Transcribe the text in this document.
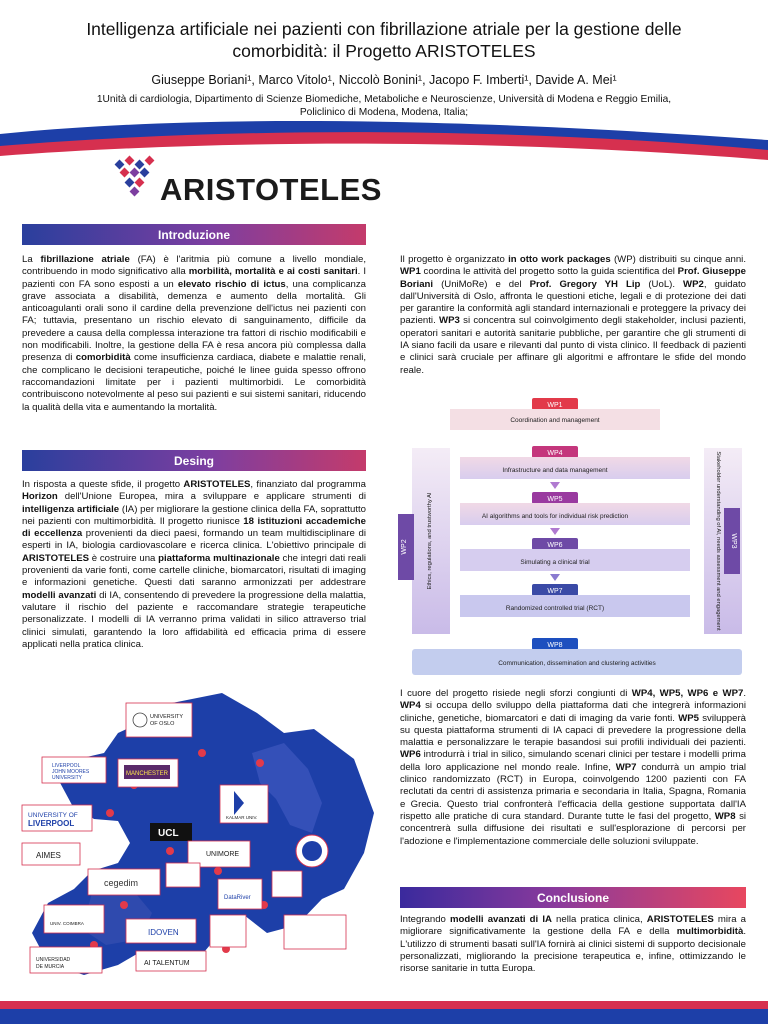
Intelligenza artificiale nei pazienti con fibrillazione atriale per la gestione delle
comorbidità: il Progetto ARISTOTELES
Giuseppe Boriani¹, Marco Vitolo¹, Niccolò Bonini¹, Jacopo F. Imberti¹, Davide A. Mei¹
1Unità di cardiologia, Dipartimento di Scienze Biomediche, Metaboliche e Neuroscienze, Università di Modena e Reggio Emilia,
Policlinico di Modena, Modena, Italia;
ARISTOTELES
Introduzione
La fibrillazione atriale (FA) è l'aritmia più comune a livello mondiale, contribuendo in modo significativo alla morbilità, mortalità e ai costi sanitari. I pazienti con FA sono esposti a un elevato rischio di ictus, una complicanza grave associata a disabilità, demenza e aumento della mortalità. Gli anticoagulanti orali sono il cardine della prevenzione dell'ictus nei pazienti con FA; tuttavia, presentano un rischio elevato di sanguinamento, difficile da prevedere a causa della complessa interazione tra fattori di rischio modificabili e non modificabili. Inoltre, la gestione della FA è resa ancora più complessa dalla presenza di comorbidità come insufficienza cardiaca, diabete e malattie renali, che complicano le decisioni terapeutiche, poiché le linee guida spesso offrono raccomandazioni limitate per i pazienti multimorbidi. Le comorbidità contribuiscono notevolmente al peso sui pazienti e sui sistemi sanitari, riducendo la qualità della vita e aumentando la mortalità.
Desing
In risposta a queste sfide, il progetto ARISTOTELES, finanziato dal programma Horizon dell'Unione Europea, mira a sviluppare e applicare strumenti di intelligenza artificiale (IA) per migliorare la gestione clinica della FA, soprattutto nei pazienti con multimorbidità. Il progetto riunisce 18 istituzioni accademiche di eccellenza provenienti da dieci paesi, formando un team multidisciplinare di esperti in IA, biologia cardiovascolare e ricerca clinica. L'obiettivo principale di ARISTOTELES è costruire una piattaforma multinazionale che integri dati reali provenienti da varie fonti, come cartelle cliniche, biomarcatori, risultati di imaging e informazioni genetiche. Questi dati saranno armonizzati per addestrare modelli avanzati di IA, consentendo di prevedere la progressione della malattia, valutare il rischio del paziente e raccomandare strategie terapeutiche personalizzate. I modelli di IA verranno prima validati in silico attraverso trial clinici simulati, garantendo la loro affidabilità ed efficacia prima di essere applicati nella pratica clinica.
UNIVERSITY
OF OSLO
LIVERPOOL
JOHN MOORES
UNIVERSITY
MANCHESTER
KALMAR UNIV.
UNIVERSITY OF
LIVERPOOL
UCL
AIMES	UNIMORE
cegedim
DataRiver
UNIV. COIMBRA
IDOVEN
UNIVERSIDAD
DE MURCIA	AI TALENTUM
Il progetto è organizzato in otto work packages (WP) distribuiti su cinque anni. WP1 coordina le attività del progetto sotto la guida scientifica del Prof. Giuseppe Boriani (UniMoRe) e del Prof. Gregory YH Lip (UoL). WP2, guidato dall'Università di Oslo, affronta le questioni etiche, legali e di protezione dei dati per garantire la conformità agli standard internazionali e proteggere la privacy dei pazienti. WP3 si concentra sul coinvolgimento degli stakeholder, inclusi pazienti, operatori sanitari e autorità sanitarie pubbliche, per garantire che gli strumenti di IA siano facili da usare e rilevanti dal punto di vista clinico. Il feedback di pazienti e clinici sarà cruciale per affinare gli algoritmi e affrontare le sfide del mondo reale.
WP1
Coordination and management
WP2	Ethics, regulations, and trustworthy AI	WP3
Stakeholder understanding of AI, needs assessment and engagement
WP4
Infrastructure and data management
WP5
AI algorithms and tools for individual risk prediction
WP6
Simulating a clinical trial
WP7
Randomized controlled trial (RCT)
WP8
Communication, dissemination and clustering activities
I cuore del progetto risiede negli sforzi congiunti di WP4, WP5, WP6 e WP7. WP4 si occupa dello sviluppo della piattaforma dati che integrerà informazioni cliniche, genetiche, biomarcatori e dati di imaging da varie fonti. WP5 svilupperà su questa piattaforma strumenti di IA capaci di prevedere la progressione della malattia e personalizzare le terapie basandosi sui profili individuali dei pazienti. WP6 introdurrà i trial in silico, simulando scenari clinici per testare i modelli prima della loro applicazione nel mondo reale. Infine, WP7 condurrà un ampio trial clinico randomizzato (RCT) in Europa, coinvolgendo 1200 pazienti con FA reclutati da centri di assistenza primaria e secondaria in Italia, Spagna, Romania e Grecia. Questo trial confronterà l'efficacia della gestione supportata dall'IA rispetto alle pratiche di cura standard. Durante tutte le fasi del progetto, WP8 si concentrerà sulla diffusione dei risultati e sull'esplorazione di percorsi per l'adozione e l'implementazione commerciale delle soluzioni sviluppate.
Conclusione
Integrando modelli avanzati di IA nella pratica clinica, ARISTOTELES mira a migliorare significativamente la gestione della FA e della multimorbidità. L'utilizzo di strumenti basati sull'IA fornirà ai clinici sistemi di supporto decisionale personalizzati, migliorando la precisione terapeutica e, infine, ottimizzando le risorse sanitarie in tutta Europa.
